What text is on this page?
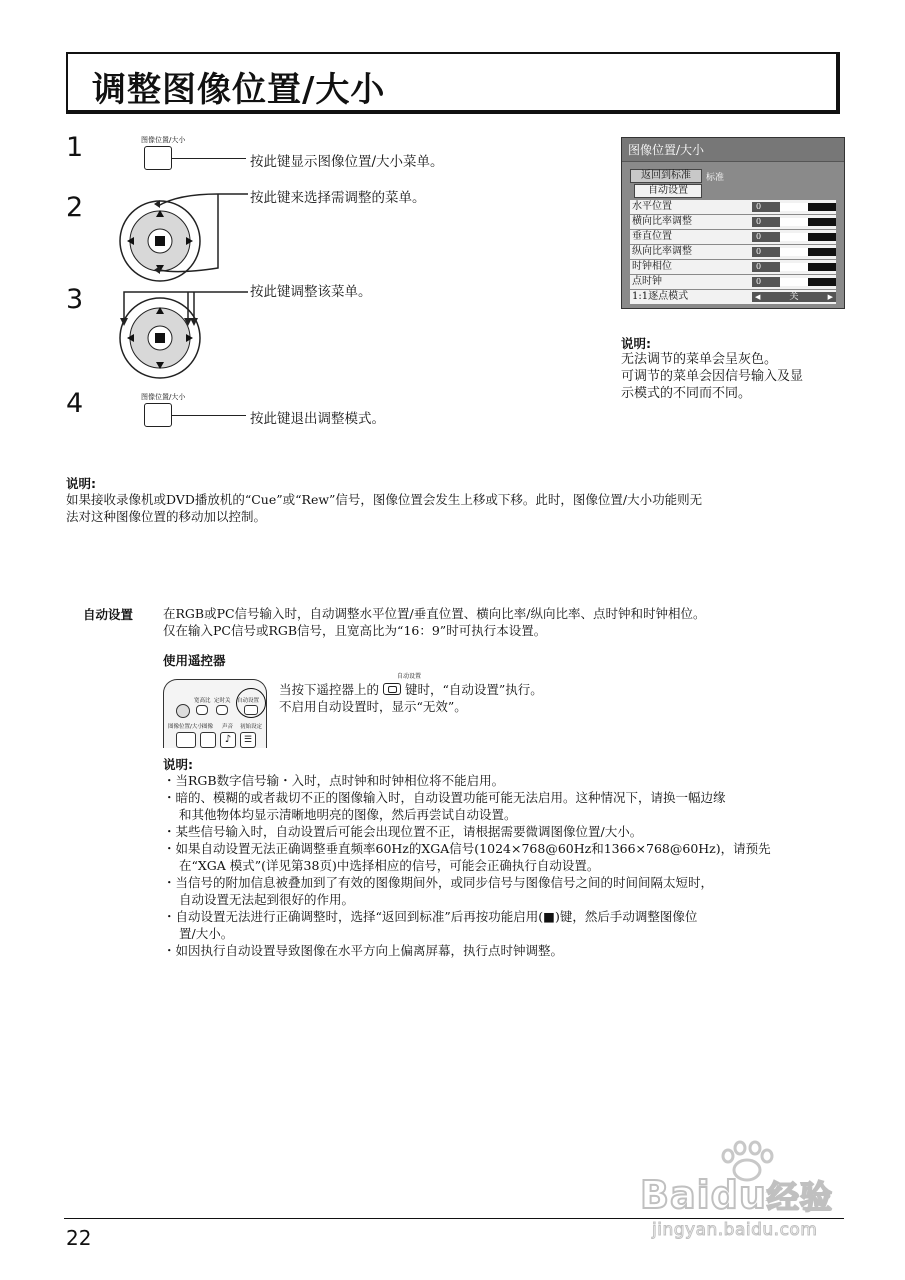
调整图像位置/大小
1
2
3
4
图像位置/大小
按此键显示图像位置/大小菜单。
按此键来选择需调整的菜单。
按此键调整该菜单。
图像位置/大小
按此键退出调整模式。
图像位置/大小
返回到标准	标准
自动设置
水平位置	0
横向比率调整	0
垂直位置	0
纵向比率调整	0
时钟相位	0
点时钟	0
1:1逐点模式	◀	关	▶
说明:
无法调节的菜单会呈灰色。
可调节的菜单会因信号输入及显
示模式的不同而不同。
说明:
如果接收录像机或DVD播放机的“Cue”或“Rew”信号，图像位置会发生上移或下移。此时，图像位置/大小功能则无
法对这种图像位置的移动加以控制。
自动设置 在RGB或PC信号输入时，自动调整水平位置/垂直位置、横向比率/纵向比率、点时钟和时钟相位。
仅在输入PC信号或RGB信号，且宽高比为“16：9”时可执行本设置。
使用遥控器
宽高比 定时关 自动设置
图像位置/大小 图像 声音 初始设定
♪	☰
自动设置
当按下遥控器上的 键时，“自动设置”执行。
不启用自动设置时，显示“无效”。
说明:
・当RGB数字信号输・入时，点时钟和时钟相位将不能启用。
・暗的、模糊的或者裁切不正的图像输入时，自动设置功能可能无法启用。这种情况下，请换一幅边缘
和其他物体均显示清晰地明亮的图像，然后再尝试自动设置。
・某些信号输入时，自动设置后可能会出现位置不正，请根据需要微调图像位置/大小。
・如果自动设置无法正确调整垂直频率60Hz的XGA信号(1024×768@60Hz和1366×768@60Hz)，请预先
在“XGA 模式”(详见第38页)中选择相应的信号，可能会正确执行自动设置。
・当信号的附加信息被叠加到了有效的图像期间外，或同步信号与图像信号之间的时间间隔太短时，
自动设置无法起到很好的作用。
・自动设置无法进行正确调整时，选择“返回到标准”后再按功能启用(■)键，然后手动调整图像位
置/大小。
・如因执行自动设置导致图像在水平方向上偏离屏幕，执行点时钟调整。
Baidu经验
jingyan.baidu.com
22
